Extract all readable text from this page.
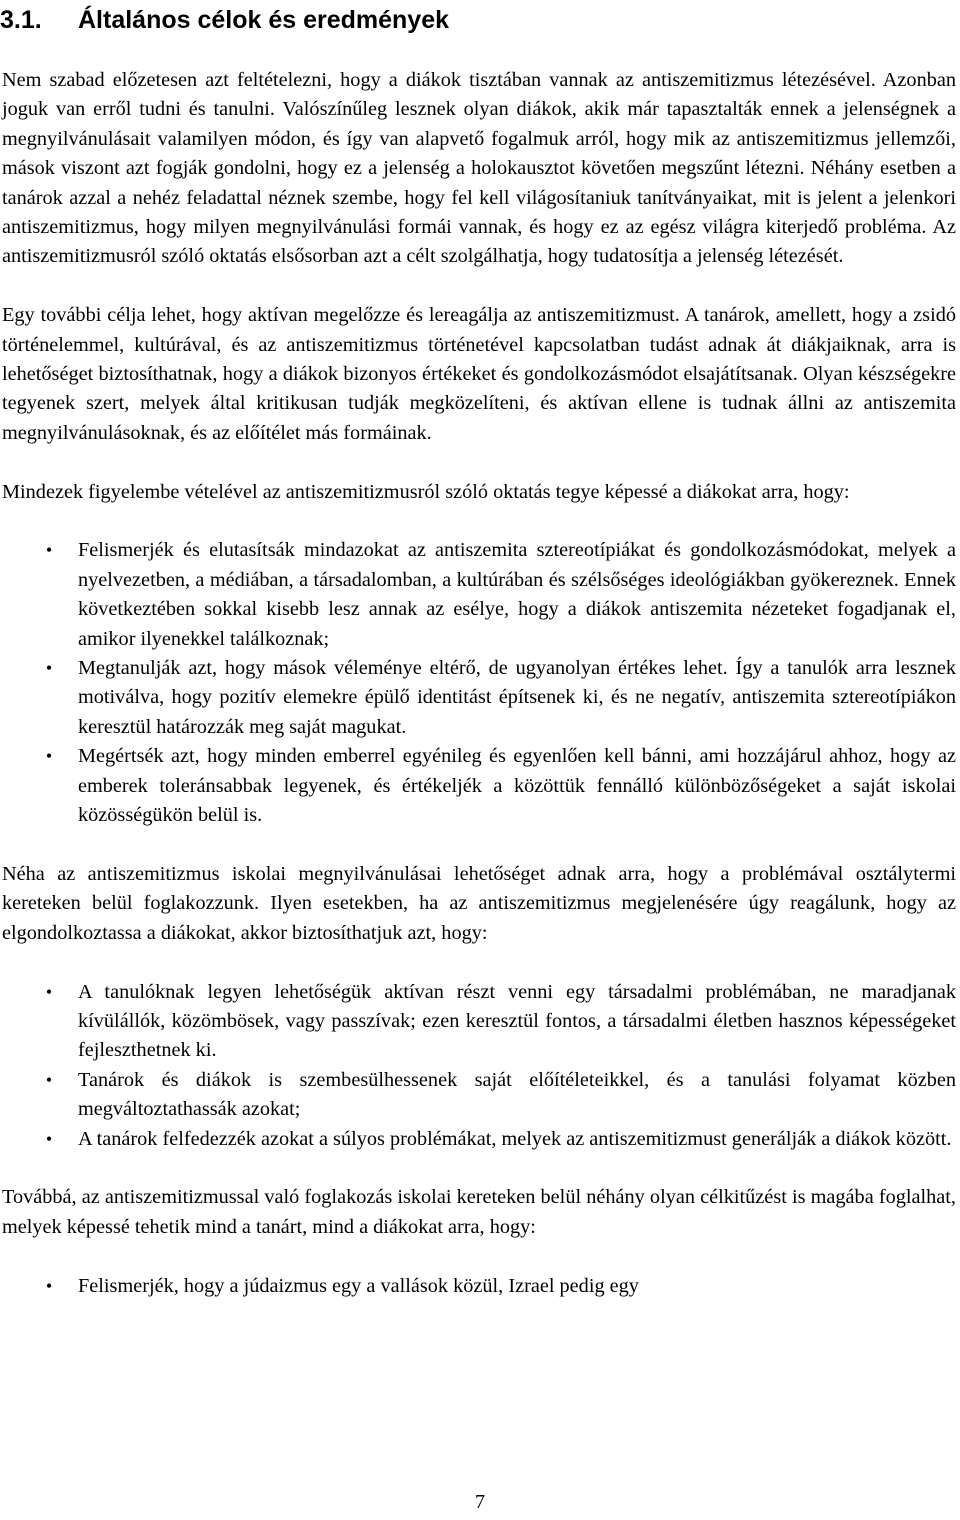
3.1. Általános célok és eredmények

Nem szabad előzetesen azt feltételezni, hogy a diákok tisztában vannak az antiszemitizmus létezésével. Azonban joguk van erről tudni és tanulni. Valószínűleg lesznek olyan diákok, akik már tapasztalták ennek a jelenségnek a megnyilvánulásait valamilyen módon, és így van alapvető fogalmuk arról, hogy mik az antiszemitizmus jellemzői, mások viszont azt fogják gondolni, hogy ez a jelenség a holokausztot követően megszűnt létezni. Néhány esetben a tanárok azzal a nehéz feladattal néznek szembe, hogy fel kell világosítaniuk tanítványaikat, mit is jelent a jelenkori antiszemitizmus, hogy milyen megnyilvánulási formái vannak, és hogy ez az egész világra kiterjedő probléma. Az antiszemitizmusról szóló oktatás elsősorban azt a célt szolgálhatja, hogy tudatosítja a jelenség létezését.

Egy további célja lehet, hogy aktívan megelőzze és lereagálja az antiszemitizmust. A tanárok, amellett, hogy a zsidó történelemmel, kultúrával, és az antiszemitizmus történetével kapcsolatban tudást adnak át diákjaiknak, arra is lehetőséget biztosíthatnak, hogy a diákok bizonyos értékeket és gondolkozásmódot elsajátítsanak. Olyan készségekre tegyenek szert, melyek által kritikusan tudják megközelíteni, és aktívan ellene is tudnak állni az antiszemita megnyilvánulásoknak, és az előítélet más formáinak.

Mindezek figyelembe vételével az antiszemitizmusról szóló oktatás tegye képessé a diákokat arra, hogy:

•	Felismerjék és elutasítsák mindazokat az antiszemita sztereotípiákat és gondolkozásmódokat, melyek a nyelvezetben, a médiában, a társadalomban, a kultúrában és szélsőséges ideológiákban gyökereznek. Ennek következtében sokkal kisebb lesz annak az esélye, hogy a diákok antiszemita nézeteket fogadjanak el, amikor ilyenekkel találkoznak;
•	Megtanulják azt, hogy mások véleménye eltérő, de ugyanolyan értékes lehet. Így a tanulók arra lesznek motiválva, hogy pozitív elemekre épülő identitást építsenek ki, és ne negatív, antiszemita sztereotípiákon keresztül határozzák meg saját magukat.
•	Megértsék azt, hogy minden emberrel egyénileg és egyenlően kell bánni, ami hozzájárul ahhoz, hogy az emberek toleránsabbak legyenek, és értékeljék a közöttük fennálló különbözőségeket a saját iskolai közösségükön belül is.

Néha az antiszemitizmus iskolai megnyilvánulásai lehetőséget adnak arra, hogy a problémával osztálytermi kereteken belül foglakozzunk. Ilyen esetekben, ha az antiszemitizmus megjelenésére úgy reagálunk, hogy az elgondolkoztassa a diákokat, akkor biztosíthatjuk azt, hogy:

•	A tanulóknak legyen lehetőségük aktívan részt venni egy társadalmi problémában, ne maradjanak kívülállók, közömbösek, vagy passzívak; ezen keresztül fontos, a társadalmi életben hasznos képességeket fejleszthetnek ki.
•	Tanárok és diákok is szembesülhessenek saját előítéleteikkel, és a tanulási folyamat közben megváltoztathassák azokat;
•	A tanárok felfedezzék azokat a súlyos problémákat, melyek az antiszemitizmust generálják a diákok között.

Továbbá, az antiszemitizmussal való foglakozás iskolai kereteken belül néhány olyan célkitűzést is magába foglalhat, melyek képessé tehetik mind a tanárt, mind a diákokat arra, hogy:

•	Felismerjék, hogy a júdaizmus egy a vallások közül, Izrael pedig egy
7
